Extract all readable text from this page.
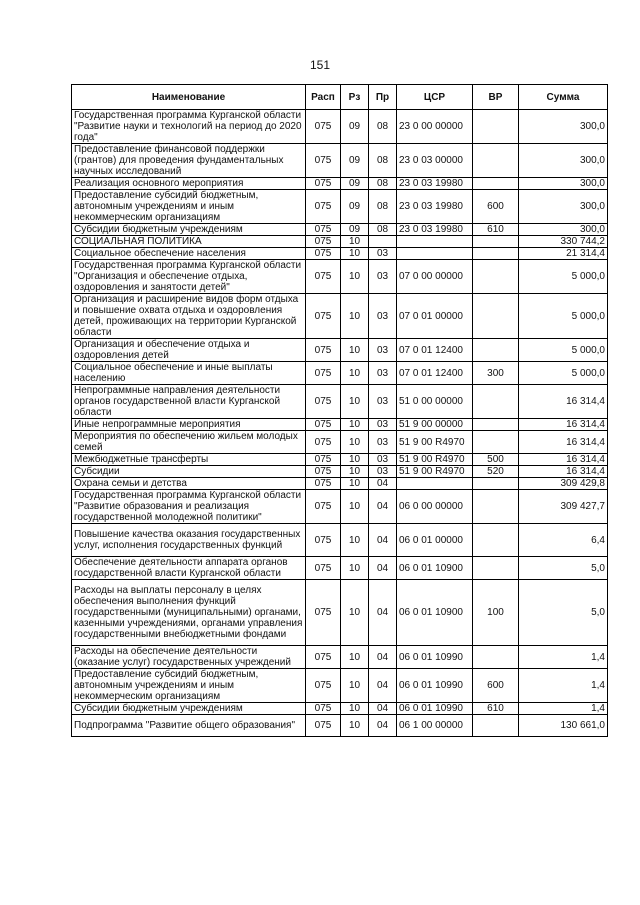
151
Наименование	Расп	Рз	Пр	ЦСР	ВР	Сумма
Государственная программа Курганской области "Развитие науки и технологий на период до 2020 года"	075	09	08	23 0 00 00000		300,0
Предоставление финансовой поддержки (грантов) для проведения фундаментальных научных исследований	075	09	08	23 0 03 00000		300,0
Реализация основного мероприятия	075	09	08	23 0 03 19980		300,0
Предоставление субсидий бюджетным, автономным учреждениям и иным некоммерческим организациям	075	09	08	23 0 03 19980	600	300,0
Субсидии бюджетным учреждениям	075	09	08	23 0 03 19980	610	300,0
СОЦИАЛЬНАЯ ПОЛИТИКА	075	10				330 744,2
Социальное обеспечение населения	075	10	03			21 314,4
Государственная программа Курганской области "Организация и обеспечение отдыха, оздоровления и занятости детей"	075	10	03	07 0 00 00000		5 000,0
Организация и расширение видов форм отдыха и повышение охвата отдыха и оздоровления детей, проживающих на территории Курганской области	075	10	03	07 0 01 00000		5 000,0
Организация и обеспечение отдыха и оздоровления детей	075	10	03	07 0 01 12400		5 000,0
Социальное обеспечение и иные выплаты населению	075	10	03	07 0 01 12400	300	5 000,0
Непрограммные направления деятельности органов государственной власти Курганской области	075	10	03	51 0 00 00000		16 314,4
Иные непрограммные мероприятия	075	10	03	51 9 00 00000		16 314,4
Мероприятия по обеспечению жильем молодых семей	075	10	03	51 9 00 R4970		16 314,4
Межбюджетные трансферты	075	10	03	51 9 00 R4970	500	16 314,4
Субсидии	075	10	03	51 9 00 R4970	520	16 314,4
Охрана семьи и детства	075	10	04			309 429,8
Государственная программа Курганской области "Развитие образования и реализация государственной молодежной политики"	075	10	04	06 0 00 00000		309 427,7
Повышение качества оказания государственных услуг, исполнения государственных функций	075	10	04	06 0 01 00000		6,4
Обеспечение деятельности аппарата органов государственной власти Курганской области	075	10	04	06 0 01 10900		5,0
Расходы на выплаты персоналу в целях обеспечения выполнения функций государственными (муниципальными) органами, казенными учреждениями, органами управления государственными внебюджетными фондами	075	10	04	06 0 01 10900	100	5,0
Расходы на обеспечение деятельности (оказание услуг) государственных учреждений	075	10	04	06 0 01 10990		1,4
Предоставление субсидий бюджетным, автономным учреждениям и иным некоммерческим организациям	075	10	04	06 0 01 10990	600	1,4
Субсидии бюджетным учреждениям	075	10	04	06 0 01 10990	610	1,4
Подпрограмма "Развитие общего образования"	075	10	04	06 1 00 00000		130 661,0
